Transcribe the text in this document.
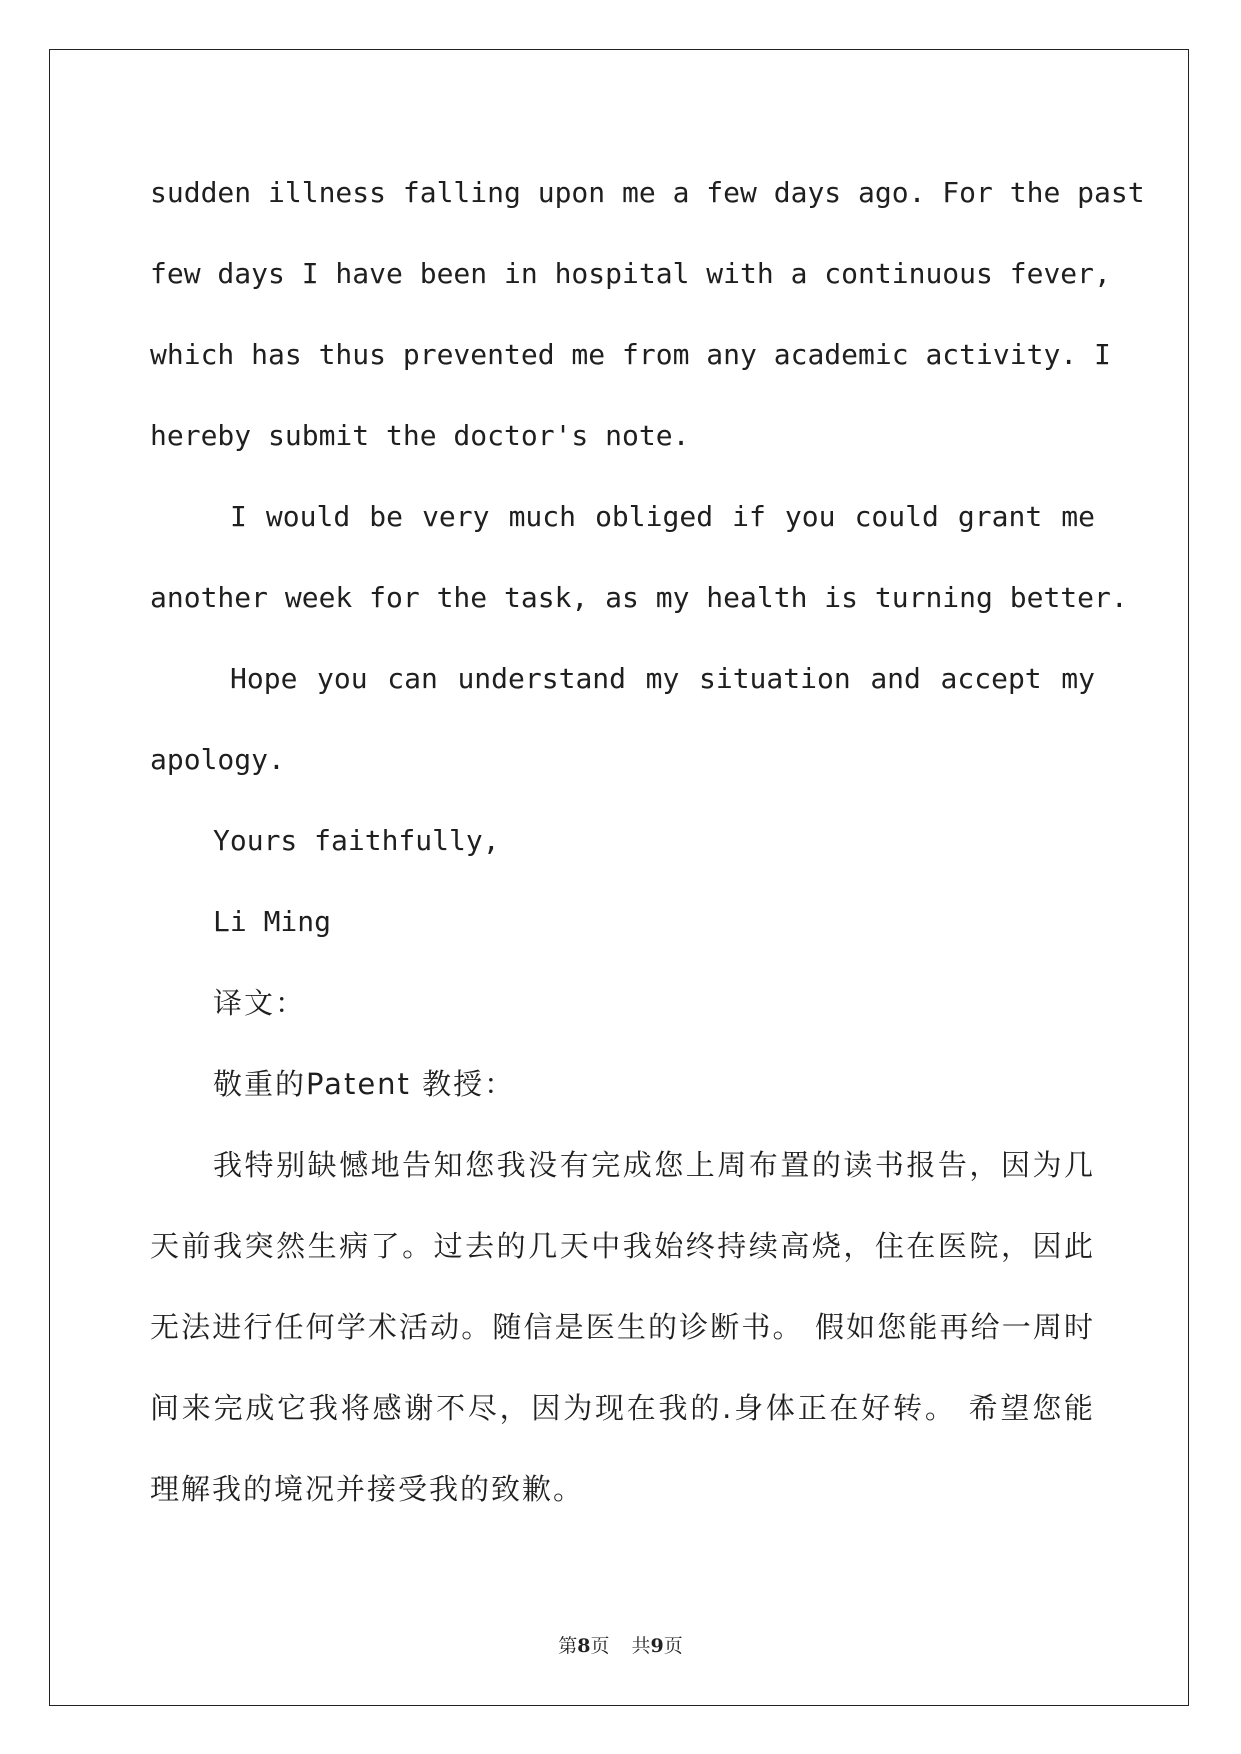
sudden illness falling upon me a few days ago. For the past
few days I have been in hospital with a continuous fever,
which has thus prevented me from any academic activity. I
hereby submit the doctor's note.
I would be very much obliged if you could grant me
another week for the task, as my health is turning better.
Hope you can understand my situation and accept my
apology.
Yours faithfully,
Li Ming
译文：
敬重的Patent 教授：
我特别缺憾地告知您我没有完成您上周布置的读书报告，因为几
天前我突然生病了。过去的几天中我始终持续高烧，住在医院，因此
无法进行任何学术活动。随信是医生的诊断书。 假如您能再给一周时
间来完成它我将感谢不尽，因为现在我的.身体正在好转。 希望您能
理解我的境况并接受我的致歉。
第8页 共9页
